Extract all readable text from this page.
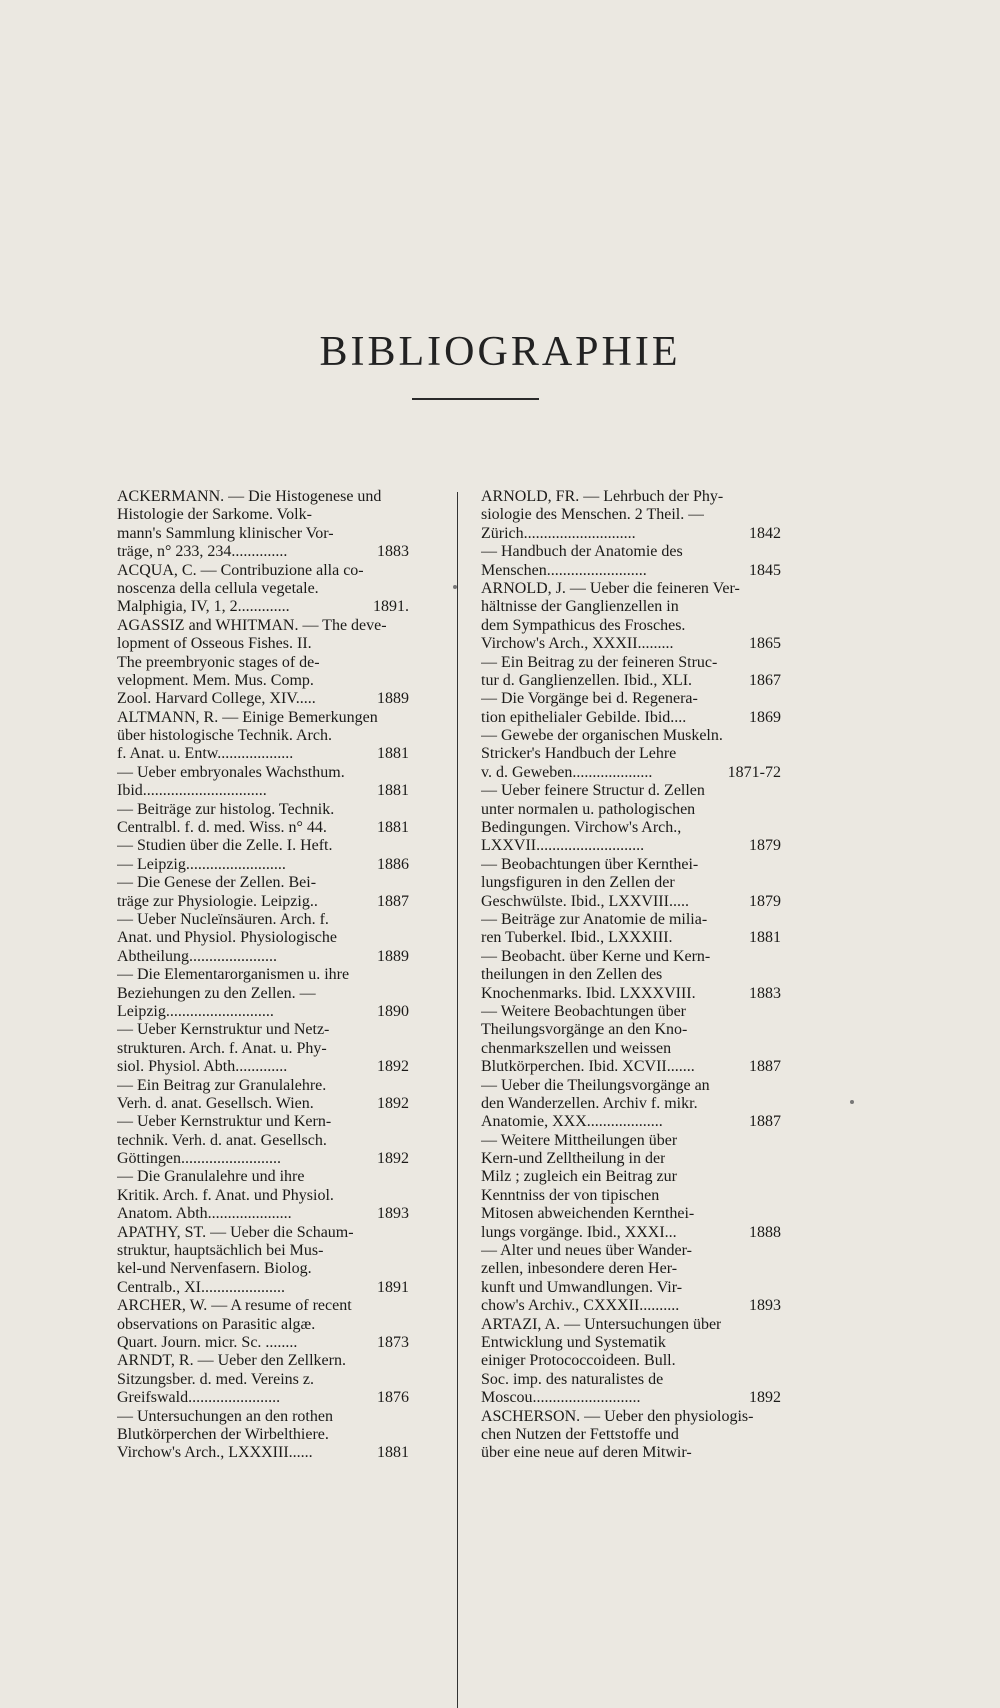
BIBLIOGRAPHIE
ACKERMANN. — Die Histogenese und
Histologie der Sarkome. Volk-
mann's Sammlung klinischer Vor-
träge, n° 233, 234..............	1883
ACQUA, C. — Contribuzione alla co-
noscenza della cellula vegetale.
Malphigia, IV, 1, 2.............	1891.
AGASSIZ and WHITMAN. — The deve-
lopment of Osseous Fishes. II.
The preembryonic stages of de-
velopment. Mem. Mus. Comp.
Zool. Harvard College, XIV.....	1889
ALTMANN, R. — Einige Bemerkungen
über histologische Technik. Arch.
f. Anat. u. Entw...................	1881
— Ueber embryonales Wachsthum.
Ibid...............................	1881
— Beiträge zur histolog. Technik.
Centralbl. f. d. med. Wiss. n° 44.	1881
— Studien über die Zelle. I. Heft.
— Leipzig.........................	1886
— Die Genese der Zellen. Bei-
träge zur Physiologie. Leipzig..	1887
— Ueber Nucleïnsäuren. Arch. f.
Anat. und Physiol. Physiologische
Abtheilung......................	1889
— Die Elementarorganismen u. ihre
Beziehungen zu den Zellen. —
Leipzig...........................	1890
— Ueber Kernstruktur und Netz-
strukturen. Arch. f. Anat. u. Phy-
siol. Physiol. Abth.............	1892
— Ein Beitrag zur Granulalehre.
Verh. d. anat. Gesellsch. Wien.	1892
— Ueber Kernstruktur und Kern-
technik. Verh. d. anat. Gesellsch.
Göttingen.........................	1892
— Die Granulalehre und ihre
Kritik. Arch. f. Anat. und Physiol.
Anatom. Abth.....................	1893
APATHY, ST. — Ueber die Schaum-
struktur, hauptsächlich bei Mus-
kel-und Nervenfasern. Biolog.
Centralb., XI.....................	1891
ARCHER, W. — A resume of recent
observations on Parasitic algæ.
Quart. Journ. micr. Sc. ........	1873
ARNDT, R. — Ueber den Zellkern.
Sitzungsber. d. med. Vereins z.
Greifswald.......................	1876
— Untersuchungen an den rothen
Blutkörperchen der Wirbelthiere.
Virchow's Arch., LXXXIII......	1881
ARNOLD, FR. — Lehrbuch der Phy-
siologie des Menschen. 2 Theil. —
Zürich............................	1842
— Handbuch der Anatomie des
Menschen.........................	1845
ARNOLD, J. — Ueber die feineren Ver-
hältnisse der Ganglienzellen in
dem Sympathicus des Frosches.
Virchow's Arch., XXXII.........	1865
— Ein Beitrag zu der feineren Struc-
tur d. Ganglienzellen. Ibid., XLI.	1867
— Die Vorgänge bei d. Regenera-
tion epithelialer Gebilde. Ibid....	1869
— Gewebe der organischen Muskeln.
Stricker's Handbuch der Lehre
v. d. Geweben....................	1871-72
— Ueber feinere Structur d. Zellen
unter normalen u. pathologischen
Bedingungen. Virchow's Arch.,
LXXVII...........................	1879
— Beobachtungen über Kernthei-
lungsfiguren in den Zellen der
Geschwülste. Ibid., LXXVIII.....	1879
— Beiträge zur Anatomie de milia-
ren Tuberkel. Ibid., LXXXIII.	1881
— Beobacht. über Kerne und Kern-
theilungen in den Zellen des
Knochenmarks. Ibid. LXXXVIII.	1883
— Weitere Beobachtungen über
Theilungsvorgänge an den Kno-
chenmarkszellen und weissen
Blutkörperchen. Ibid. XCVII.......	1887
— Ueber die Theilungsvorgänge an
den Wanderzellen. Archiv f. mikr.
Anatomie, XXX...................	1887
— Weitere Mittheilungen über
Kern-und Zelltheilung in der
Milz ; zugleich ein Beitrag zur
Kenntniss der von tipischen
Mitosen abweichenden Kernthei-
lungs vorgänge. Ibid., XXXI...	1888
— Alter und neues über Wander-
zellen, inbesondere deren Her-
kunft und Umwandlungen. Vir-
chow's Archiv., CXXXII..........	1893
ARTAZI, A. — Untersuchungen über
Entwicklung und Systematik
einiger Protococcoideen. Bull.
Soc. imp. des naturalistes de
Moscou...........................	1892
ASCHERSON. — Ueber den physiologis-
chen Nutzen der Fettstoffe und
über eine neue auf deren Mitwir-
